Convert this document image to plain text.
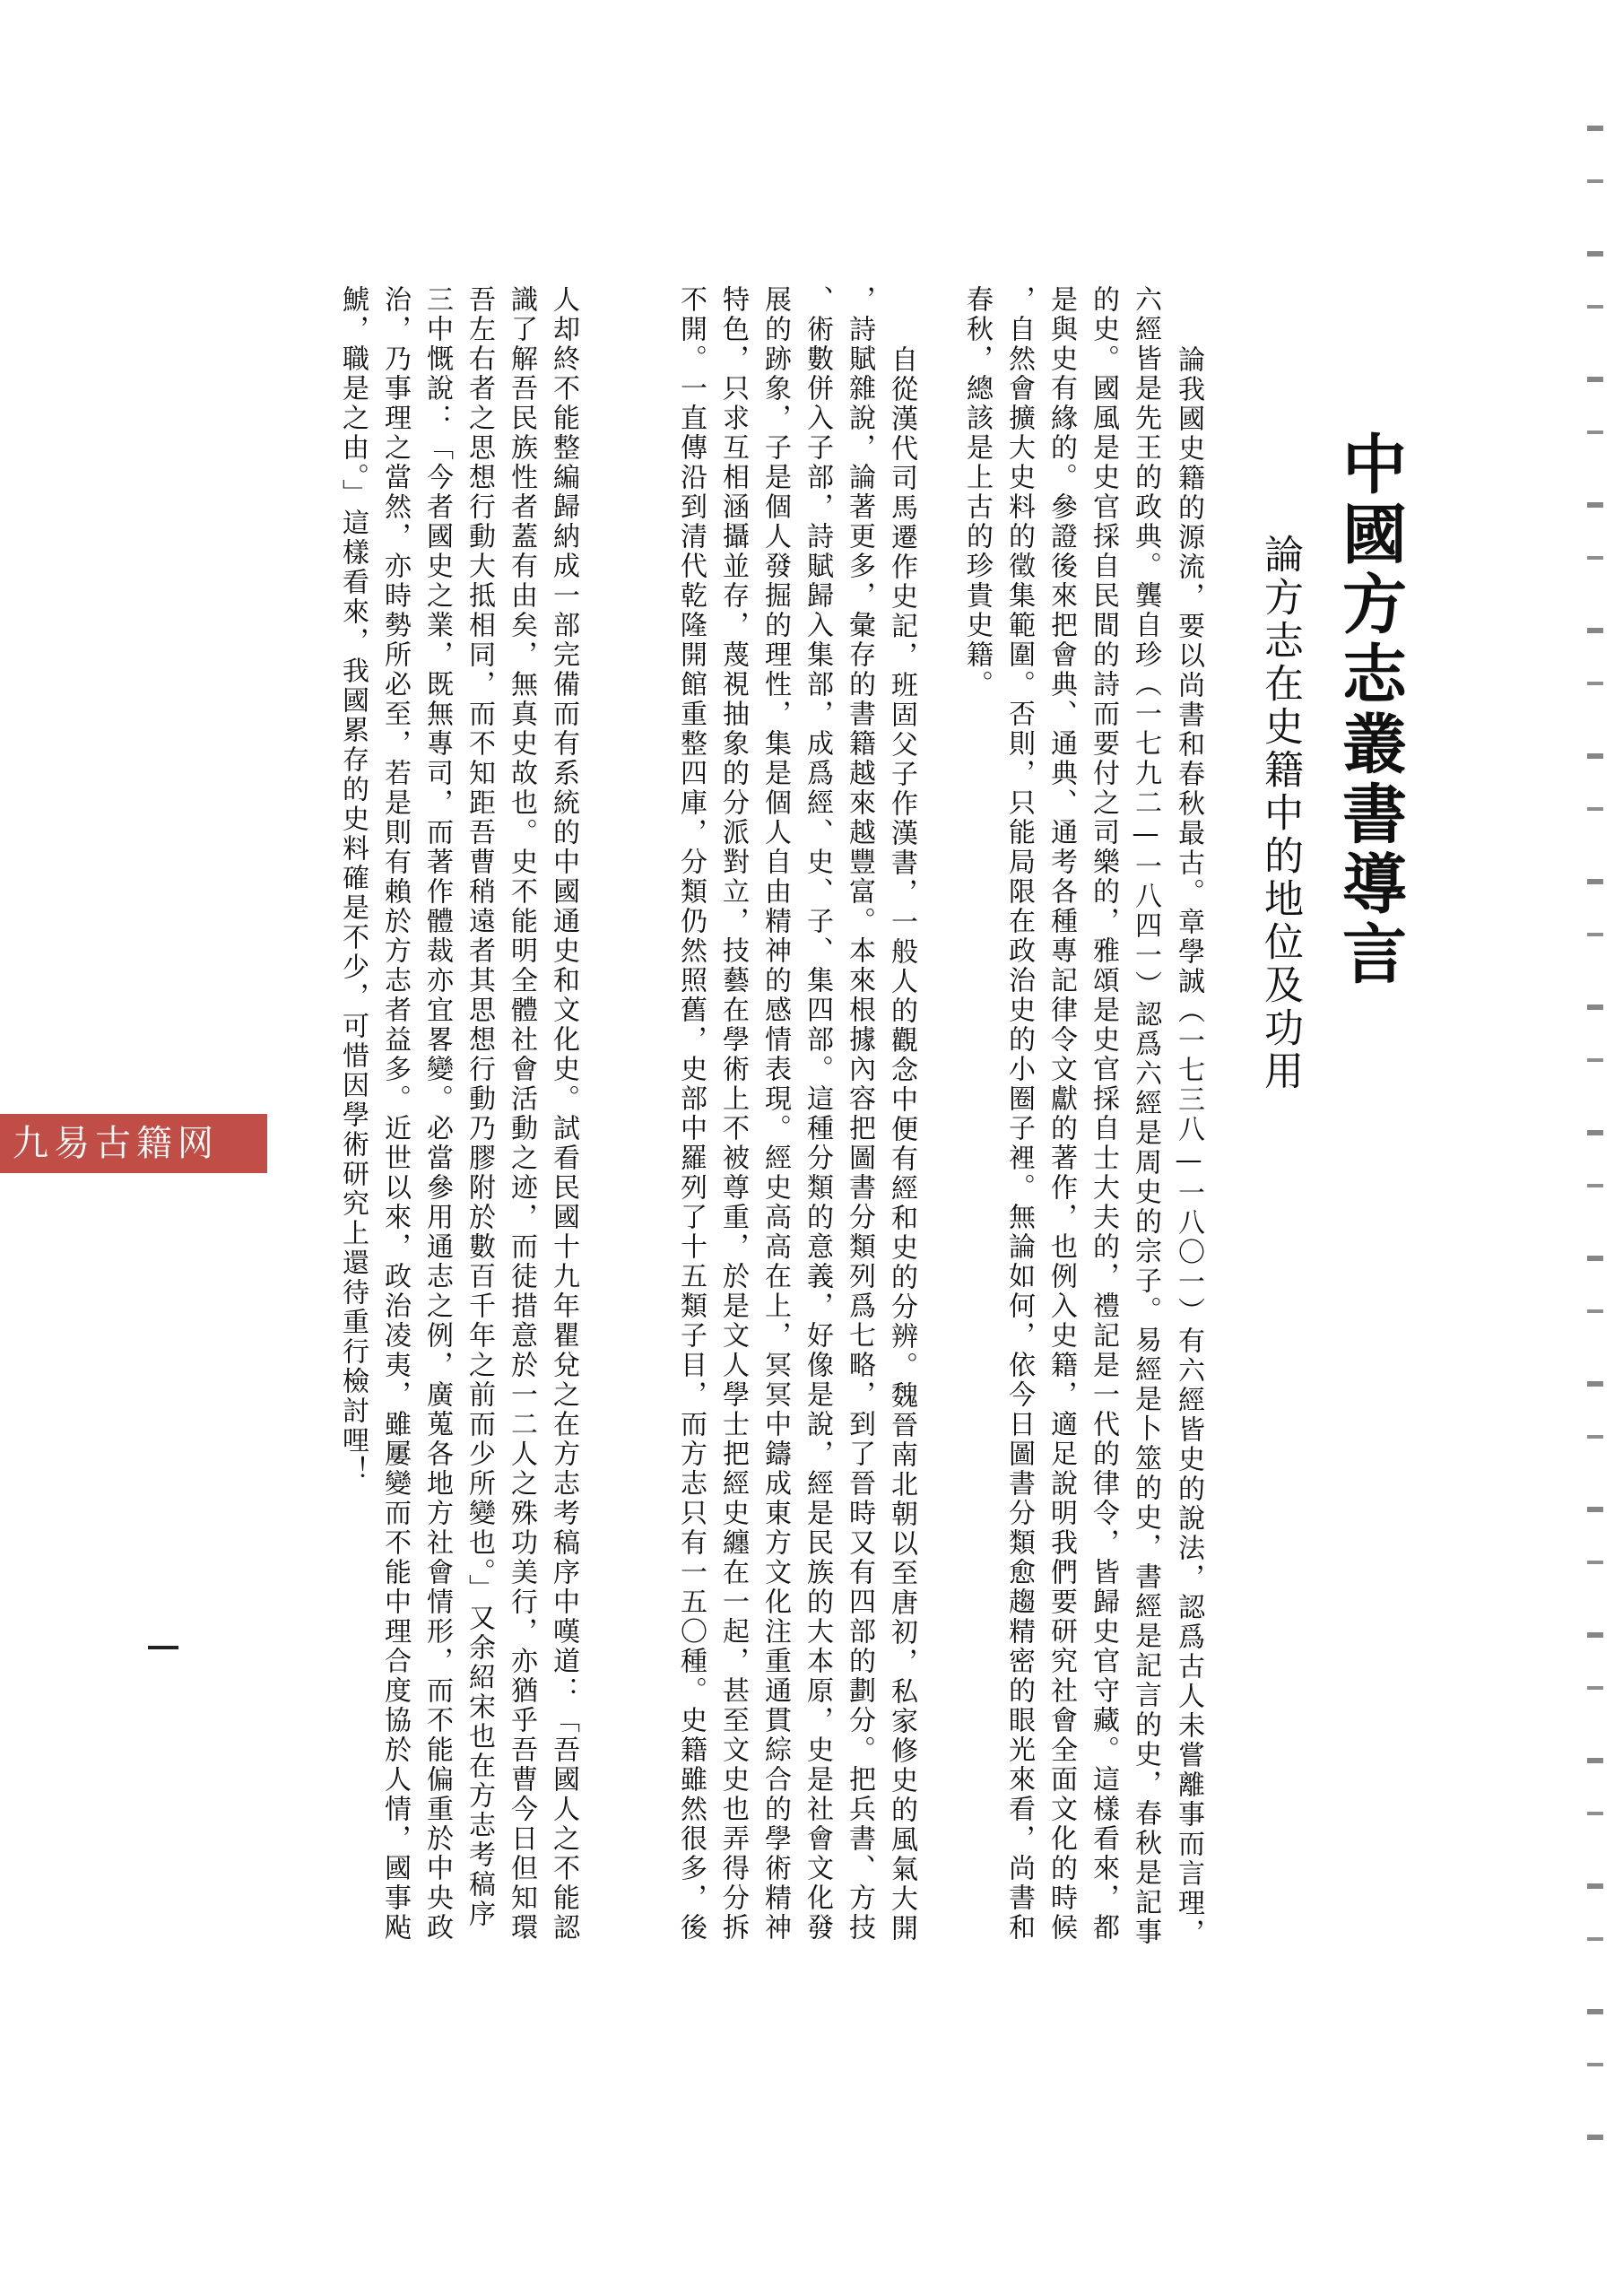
中國方志叢書導言
論方志在史籍中的地位及功用
論我國史籍的源流，要以尚書和春秋最古。章學誠（一七三八—一八〇一）有六經皆史的說法，認爲古人未嘗離事而言理，
六經皆是先王的政典。龔自珍（一七九二—一八四一）認爲六經是周史的宗子。易經是卜筮的史，書經是記言的史，春秋是記事
的史。國風是史官採自民間的詩而要付之司樂的，雅頌是史官採自士大夫的，禮記是一代的律令，皆歸史官守藏。這樣看來，都
是與史有緣的。參證後來把會典、通典、通考各種專記律令文獻的著作，也例入史籍，適足說明我們要研究社會全面文化的時候
，自然會擴大史料的徵集範圍。否則，只能局限在政治史的小圈子裡。無論如何，依今日圖書分類愈趨精密的眼光來看，尚書和
春秋，總該是上古的珍貴史籍。
自從漢代司馬遷作史記，班固父子作漢書，一般人的觀念中便有經和史的分辨。魏晉南北朝以至唐初，私家修史的風氣大開
，詩賦雜說，論著更多，彙存的書籍越來越豐富。本來根據內容把圖書分類列爲七略，到了晉時又有四部的劃分。把兵書、方技
、術數併入子部，詩賦歸入集部，成爲經、史、子、集四部。這種分類的意義，好像是說，經是民族的大本原，史是社會文化發
展的跡象，子是個人發掘的理性，集是個人自由精神的感情表現。經史高高在上，冥冥中鑄成東方文化注重通貫綜合的學術精神
特色，只求互相涵攝並存，蔑視抽象的分派對立，技藝在學術上不被尊重，於是文人學士把經史纏在一起，甚至文史也弄得分拆
不開。一直傳沿到清代乾隆開館重整四庫，分類仍然照舊，史部中羅列了十五類子目，而方志只有一五〇種。史籍雖然很多，後
人却終不能整編歸納成一部完備而有系統的中國通史和文化史。試看民國十九年瞿兌之在方志考稿序中嘆道：「吾國人之不能認
識了解吾民族性者蓋有由矣，無真史故也。史不能明全體社會活動之迹，而徒措意於一二人之殊功美行，亦猶乎吾曹今日但知環
吾左右者之思想行動大抵相同，而不知距吾曹稍遠者其思想行動乃膠附於數百千年之前而少所變也。」又余紹宋也在方志考稿序
三中慨說：「今者國史之業，既無專司，而著作體裁亦宜畧變。必當參用通志之例，廣蒐各地方社會情形，而不能偏重於中央政
治，乃事理之當然，亦時勢所必至，若是則有賴於方志者益多。近世以來，政治凌夷，雖屢變而不能中理合度協於人情，國事飐
鯱，職是之由。」這樣看來，我國累存的史料確是不少，可惜因學術研究上還待重行檢討哩！
九易古籍网
